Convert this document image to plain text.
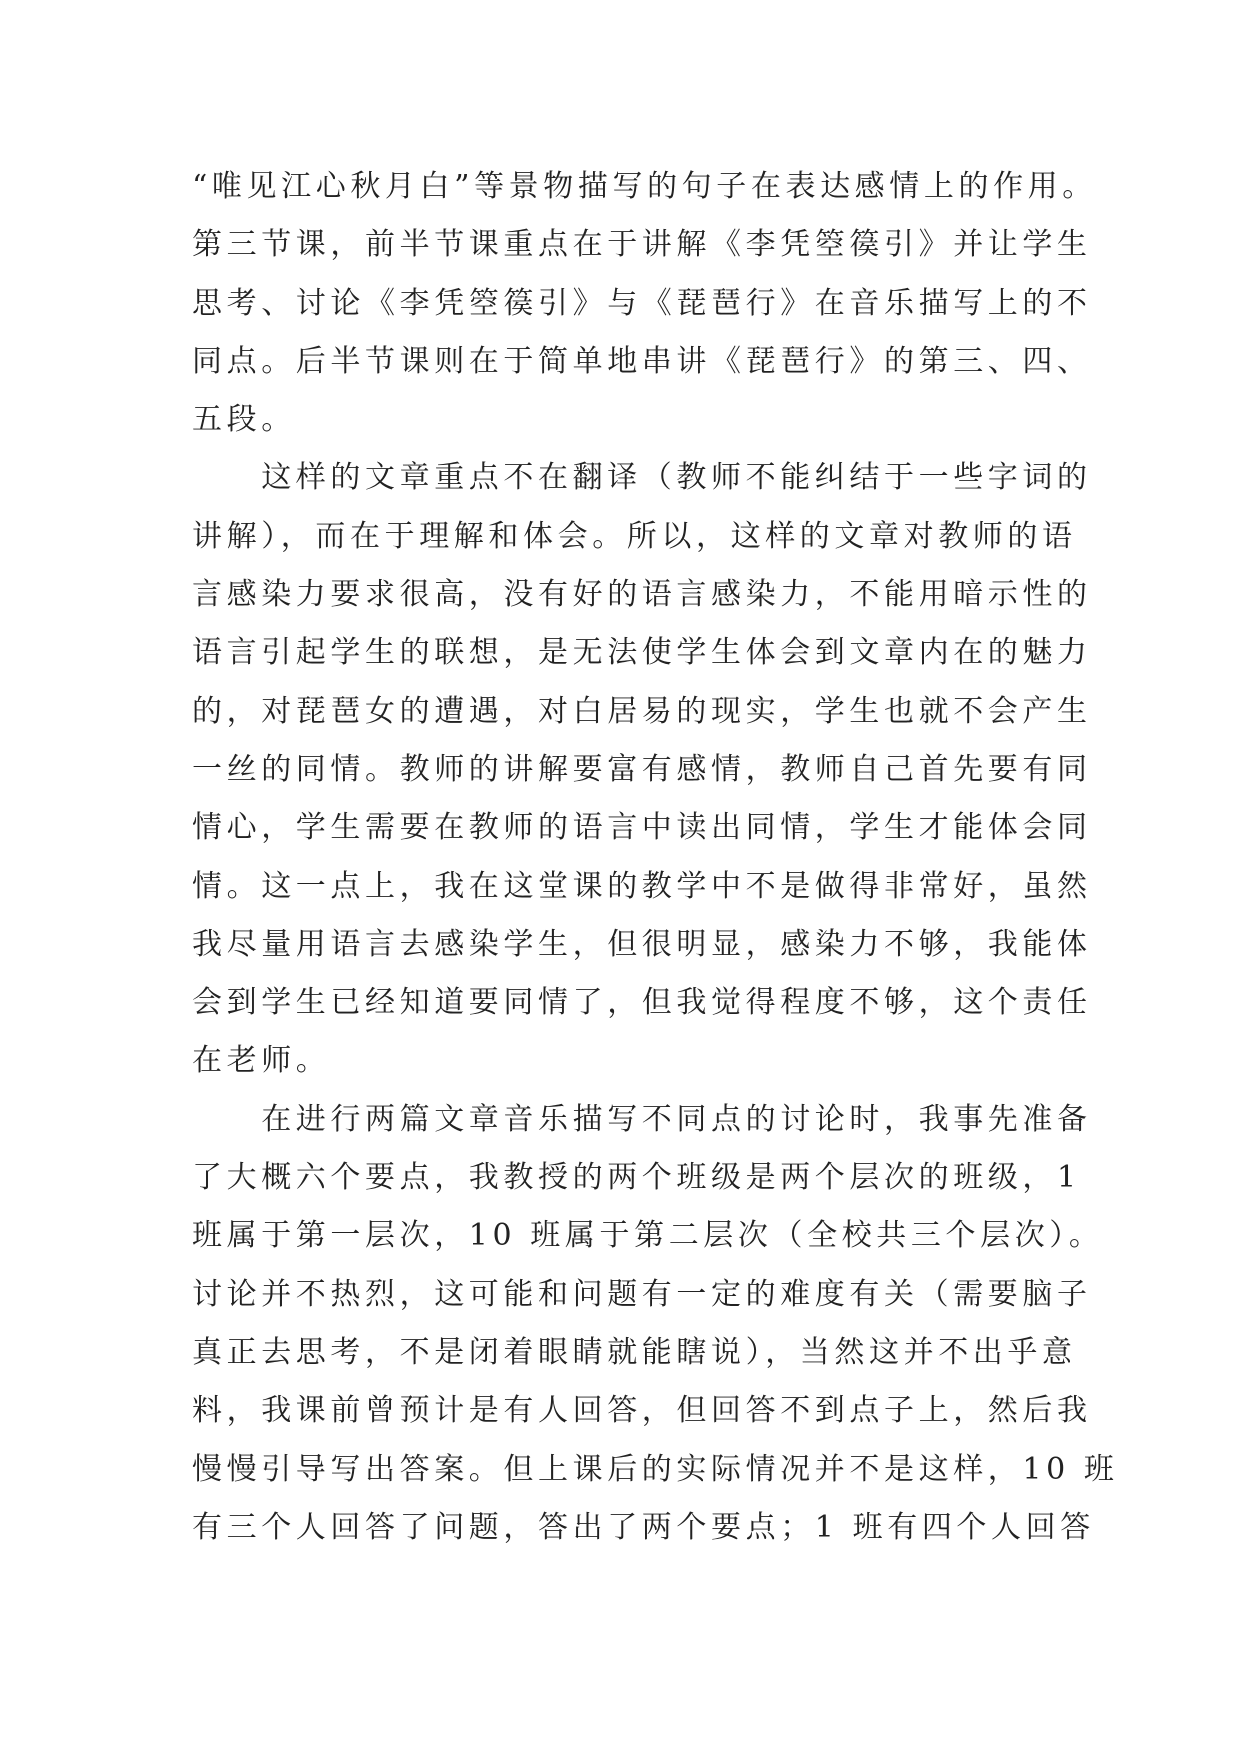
“唯见江心秋月白”等景物描写的句子在表达感情上的作用。
第三节课，前半节课重点在于讲解《李凭箜篌引》并让学生
思考、讨论《李凭箜篌引》与《琵琶行》在音乐描写上的不
同点。后半节课则在于简单地串讲《琵琶行》的第三、四、
五段。
　　这样的文章重点不在翻译（教师不能纠结于一些字词的
讲解），而在于理解和体会。所以，这样的文章对教师的语
言感染力要求很高，没有好的语言感染力，不能用暗示性的
语言引起学生的联想，是无法使学生体会到文章内在的魅力
的，对琵琶女的遭遇，对白居易的现实，学生也就不会产生
一丝的同情。教师的讲解要富有感情，教师自己首先要有同
情心，学生需要在教师的语言中读出同情，学生才能体会同
情。这一点上，我在这堂课的教学中不是做得非常好，虽然
我尽量用语言去感染学生，但很明显，感染力不够，我能体
会到学生已经知道要同情了，但我觉得程度不够，这个责任
在老师。
　　在进行两篇文章音乐描写不同点的讨论时，我事先准备
了大概六个要点，我教授的两个班级是两个层次的班级，1
班属于第一层次，10 班属于第二层次（全校共三个层次）。
讨论并不热烈，这可能和问题有一定的难度有关（需要脑子
真正去思考，不是闭着眼睛就能瞎说），当然这并不出乎意
料，我课前曾预计是有人回答，但回答不到点子上，然后我
慢慢引导写出答案。但上课后的实际情况并不是这样，10 班
有三个人回答了问题，答出了两个要点；1 班有四个人回答
